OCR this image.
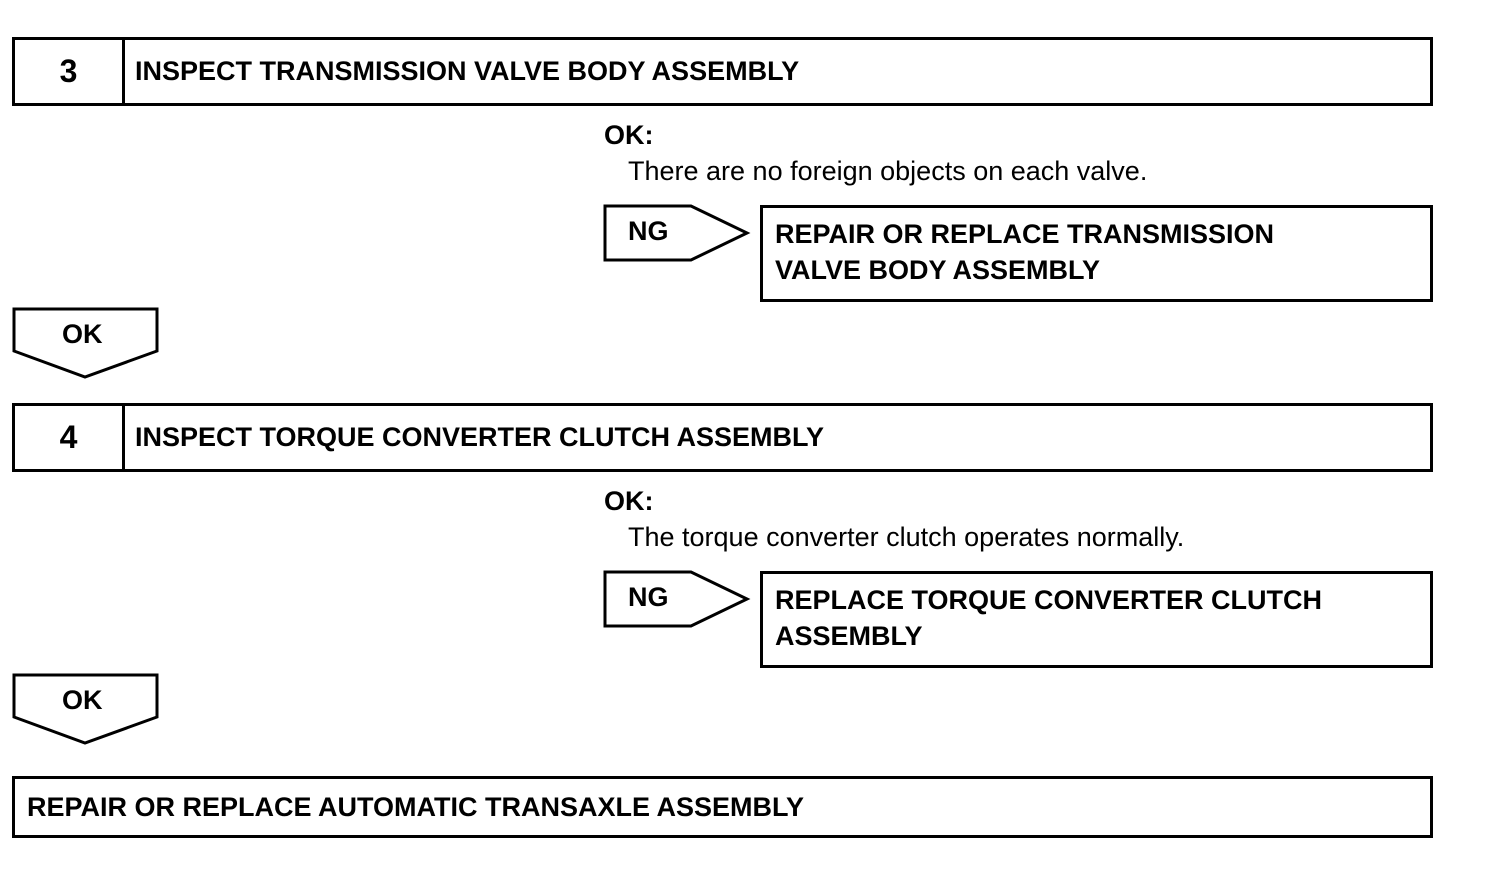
3	INSPECT TRANSMISSION VALVE BODY ASSEMBLY
OK:
There are no foreign objects on each valve.
NG	REPAIR OR REPLACE TRANSMISSION
VALVE BODY ASSEMBLY
OK
4	INSPECT TORQUE CONVERTER CLUTCH ASSEMBLY
OK:
The torque converter clutch operates normally.
NG	REPLACE TORQUE CONVERTER CLUTCH
ASSEMBLY
OK
REPAIR OR REPLACE AUTOMATIC TRANSAXLE ASSEMBLY
